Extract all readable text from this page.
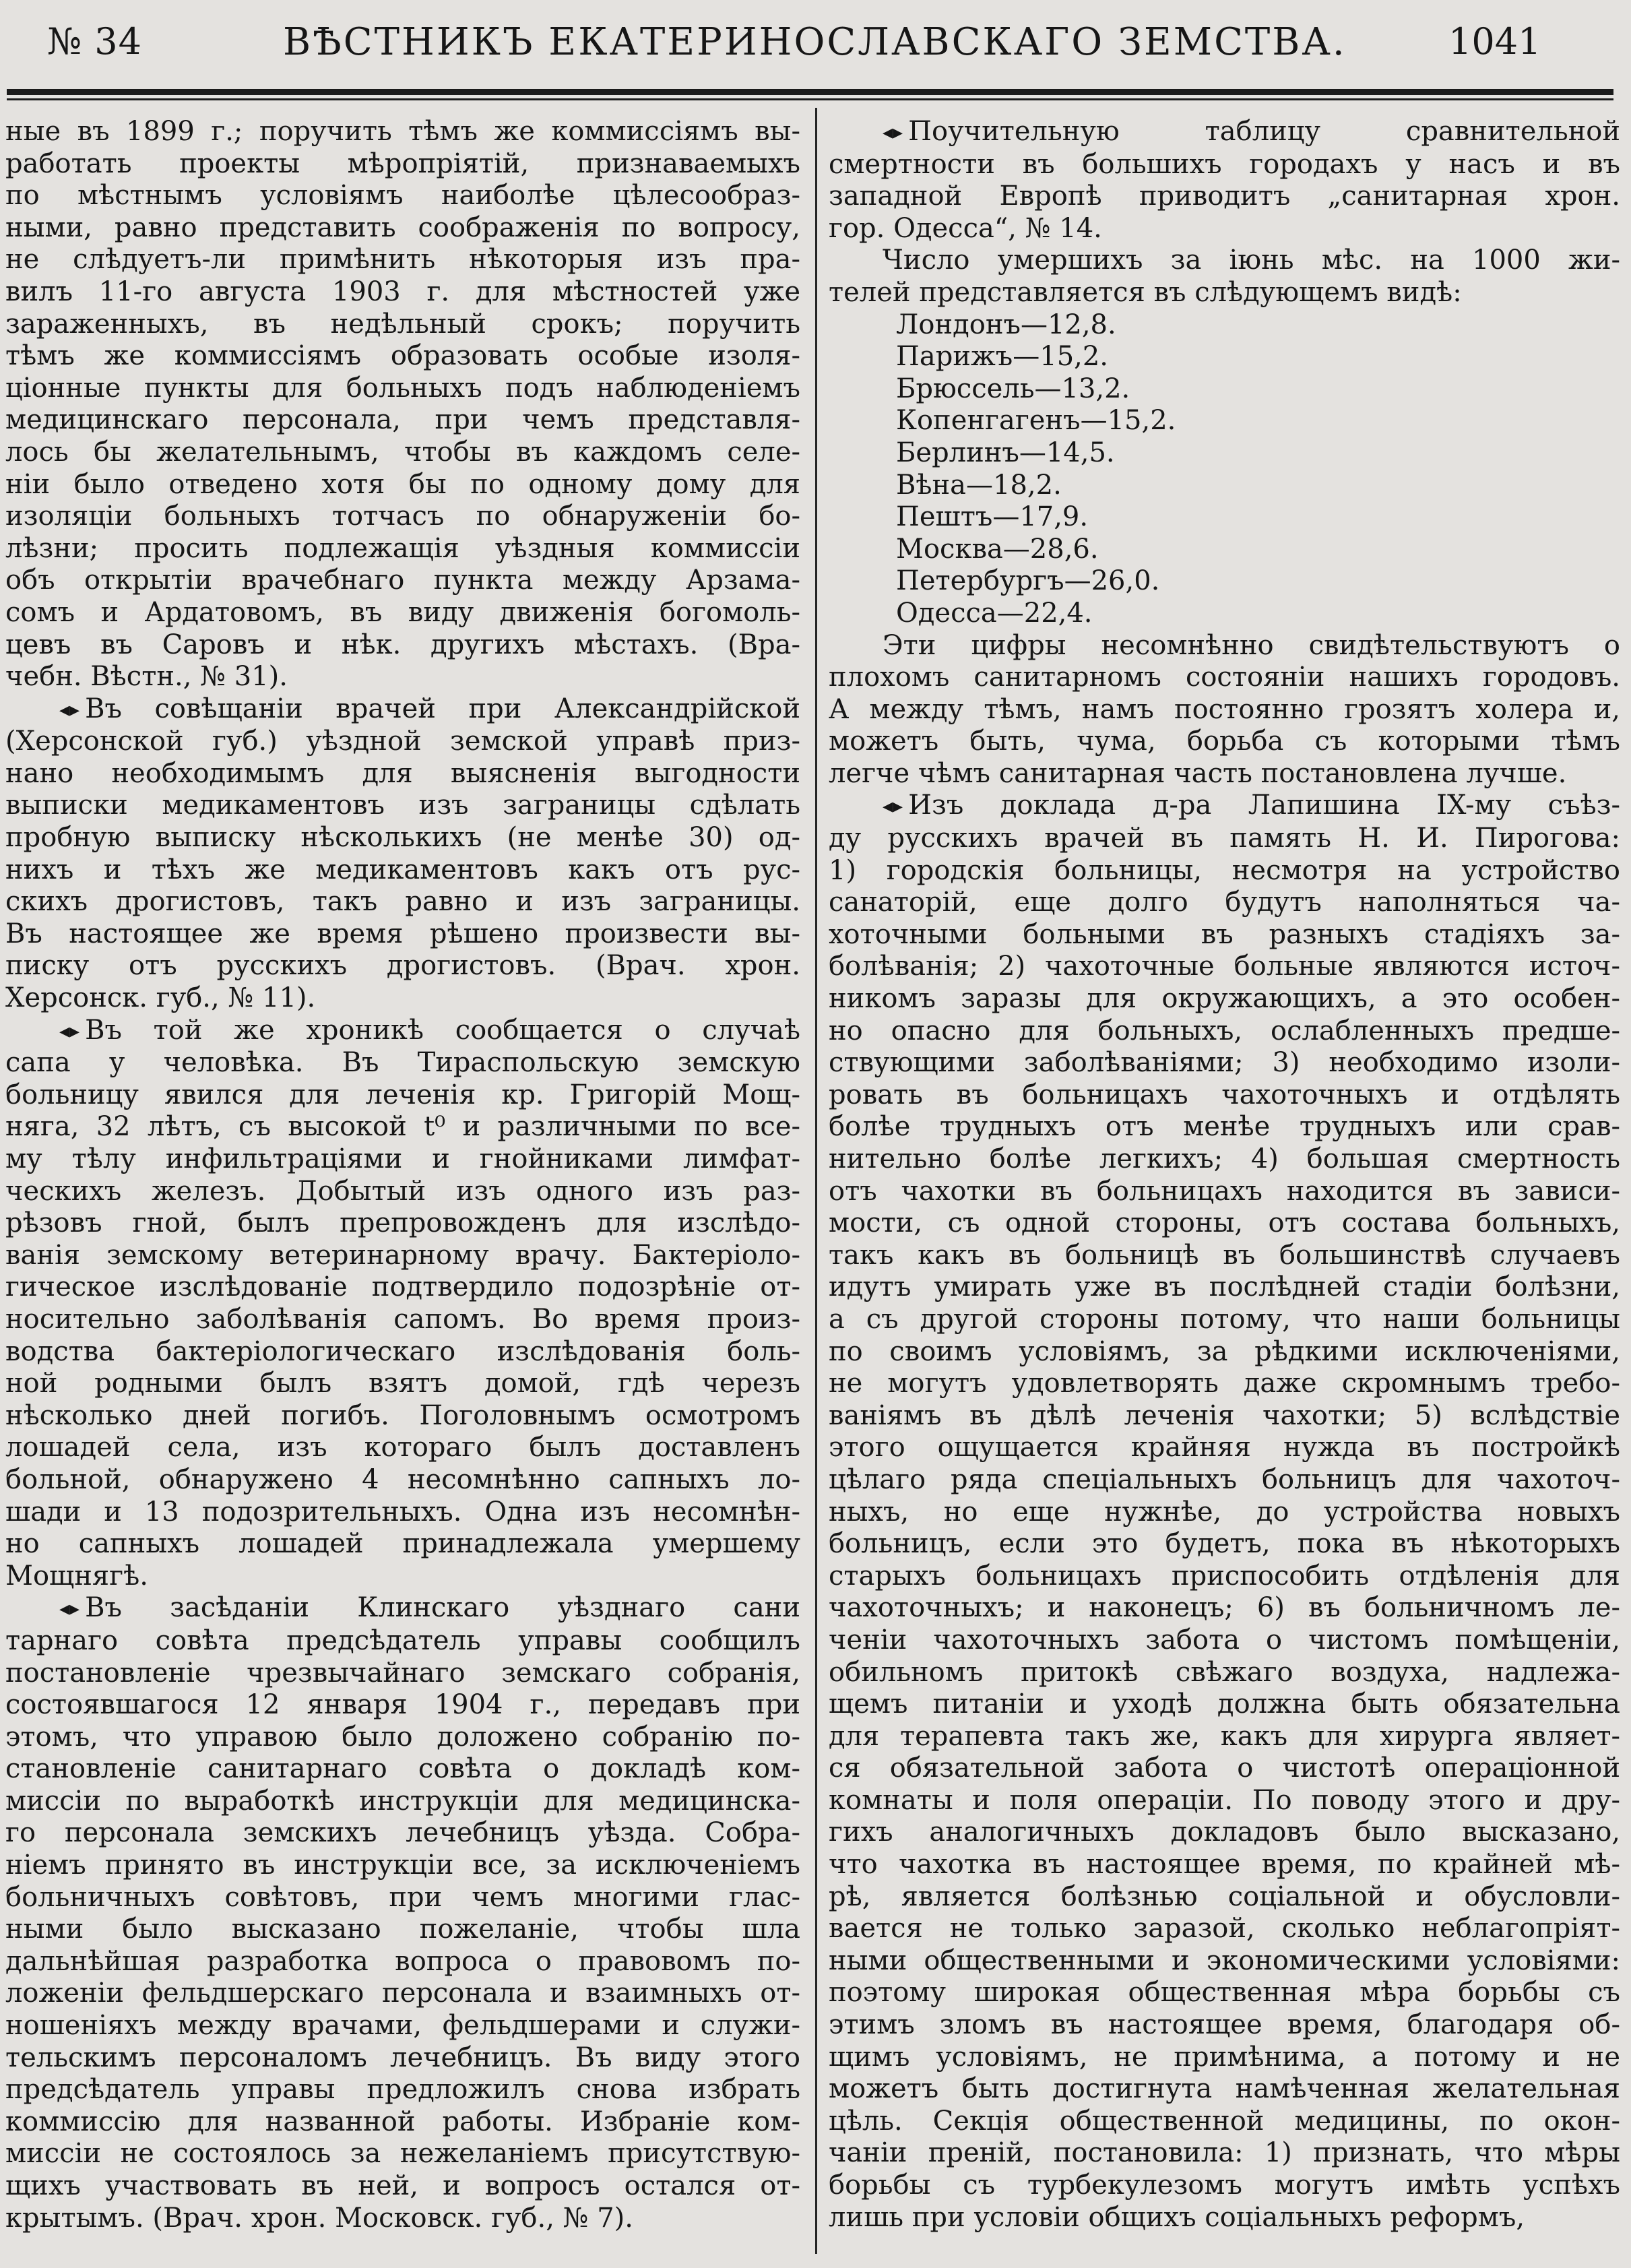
№ 34	ВѢСТНИКЪ ЕКАТЕРИНОСЛАВСКАГО ЗЕМСТВА.	1041

ные въ 1899 г.; поручить тѣмъ же коммиссіямъ вы-
работать проекты мѣропріятій, признаваемыхъ
по мѣстнымъ условіямъ наиболѣе цѣлесообраз-
ными, равно представить соображенія по вопросу,
не слѣдуетъ-ли примѣнить нѣкоторыя изъ пра-
вилъ 11-го августа 1903 г. для мѣстностей уже
зараженныхъ, въ недѣльный срокъ; поручить
тѣмъ же коммиссіямъ образовать особые изоля-
ціонные пункты для больныхъ подъ наблюденіемъ
медицинскаго персонала, при чемъ представля-
лось бы желательнымъ, чтобы въ каждомъ селе-
ніи было отведено хотя бы по одному дому для
изоляціи больныхъ тотчасъ по обнаруженіи бо-
лѣзни; просить подлежащія уѣздныя коммиссіи
объ открытіи врачебнаго пункта между Арзама-
сомъ и Ардатовомъ, въ виду движенія богомоль-
цевъ въ Саровъ и нѣк. другихъ мѣстахъ. (Вра-
чебн. Вѣстн., № 31).

◂▸ Въ совѣщаніи врачей при Александрійской
(Херсонской губ.) уѣздной земской управѣ приз-
нано необходимымъ для выясненія выгодности
выписки медикаментовъ изъ заграницы сдѣлать
пробную выписку нѣсколькихъ (не менѣе 30) од-
нихъ и тѣхъ же медикаментовъ какъ отъ рус-
скихъ дрогистовъ, такъ равно и изъ заграницы.
Въ настоящее же время рѣшено произвести вы-
писку отъ русскихъ дрогистовъ. (Врач. хрон.
Херсонск. губ., № 11).

◂▸ Въ той же хроникѣ сообщается о случаѣ
сапа у человѣка. Въ Тираспольскую земскую
больницу явился для леченія кр. Григорій Мощ-
няга, 32 лѣтъ, съ высокой t⁰ и различными по все-
му тѣлу инфильтраціями и гнойниками лимфат-
ческихъ железъ. Добытый изъ одного изъ раз-
рѣзовъ гной, былъ препровожденъ для изслѣдо-
ванія земскому ветеринарному врачу. Бактеріоло-
гическое изслѣдованіе подтвердило подозрѣніе от-
носительно заболѣванія сапомъ. Во время произ-
водства бактеріологическаго изслѣдованія боль-
ной родными былъ взятъ домой, гдѣ черезъ
нѣсколько дней погибъ. Поголовнымъ осмотромъ
лошадей села, изъ котораго былъ доставленъ
больной, обнаружено 4 несомнѣнно сапныхъ ло-
шади и 13 подозрительныхъ. Одна изъ несомнѣн-
но сапныхъ лошадей принадлежала умершему
Мощнягѣ.

◂▸ Въ засѣданіи Клинскаго уѣзднаго сани
тарнаго совѣта предсѣдатель управы сообщилъ
постановленіе чрезвычайнаго земскаго собранія,
состоявшагося 12 января 1904 г., передавъ при
этомъ, что управою было доложено собранію по-
становленіе санитарнаго совѣта о докладѣ ком-
миссіи по выработкѣ инструкціи для медицинска-
го персонала земскихъ лечебницъ уѣзда. Собра-
ніемъ принято въ инструкціи все, за исключеніемъ
больничныхъ совѣтовъ, при чемъ многими глас-
ными было высказано пожеланіе, чтобы шла
дальнѣйшая разработка вопроса о правовомъ по-
ложеніи фельдшерскаго персонала и взаимныхъ от-
ношеніяхъ между врачами, фельдшерами и служи-
тельскимъ персоналомъ лечебницъ. Въ виду этого
предсѣдатель управы предложилъ снова избрать
коммиссію для названной работы. Избраніе ком-
миссіи не состоялось за нежеланіемъ присутствую-
щихъ участвовать въ ней, и вопросъ остался от-
крытымъ. (Врач. хрон. Московск. губ., № 7).

◂▸ Поучительную таблицу сравнительной
смертности въ большихъ городахъ у насъ и въ
западной Европѣ приводитъ „санитарная хрон.
гор. Одесса“, № 14.
Число умершихъ за іюнь мѣс. на 1000 жи-
телей представляется въ слѣдующемъ видѣ:

Лондонъ—12,8.
Парижъ—15,2.
Брюссель—13,2.
Копенгагенъ—15,2.
Берлинъ—14,5.
Вѣна—18,2.
Пештъ—17,9.
Москва—28,6.
Петербургъ—26,0.
Одесса—22,4.

Эти цифры несомнѣнно свидѣтельствуютъ о
плохомъ санитарномъ состояніи нашихъ городовъ.
А между тѣмъ, намъ постоянно грозятъ холера и,
можетъ быть, чума, борьба съ которыми тѣмъ
легче чѣмъ санитарная часть постановлена лучше.

◂▸ Изъ доклада д-ра Лапишина IX-му съѣз-
ду русскихъ врачей въ память Н. И. Пирогова:
1) городскія больницы, несмотря на устройство
санаторій, еще долго будутъ наполняться ча-
хоточными больными въ разныхъ стадіяхъ за-
болѣванія; 2) чахоточные больные являются источ-
никомъ заразы для окружающихъ, а это особен-
но опасно для больныхъ, ослабленныхъ предше-
ствующими заболѣваніями; 3) необходимо изоли-
ровать въ больницахъ чахоточныхъ и отдѣлять
болѣе трудныхъ отъ менѣе трудныхъ или срав-
нительно болѣе легкихъ; 4) большая смертность
отъ чахотки въ больницахъ находится въ зависи-
мости, съ одной стороны, отъ состава больныхъ,
такъ какъ въ больницѣ въ большинствѣ случаевъ
идутъ умирать уже въ послѣдней стадіи болѣзни,
а съ другой стороны потому, что наши больницы
по своимъ условіямъ, за рѣдкими исключеніями,
не могутъ удовлетворять даже скромнымъ требо-
ваніямъ въ дѣлѣ леченія чахотки; 5) вслѣдствіе
этого ощущается крайняя нужда въ постройкѣ
цѣлаго ряда спеціальныхъ больницъ для чахоточ-
ныхъ, но еще нужнѣе, до устройства новыхъ
больницъ, если это будетъ, пока въ нѣкоторыхъ
старыхъ больницахъ приспособить отдѣленія для
чахоточныхъ; и наконецъ; 6) въ больничномъ ле-
ченіи чахоточныхъ забота о чистомъ помѣщеніи,
обильномъ притокѣ свѣжаго воздуха, надлежа-
щемъ питаніи и уходѣ должна быть обязательна
для терапевта такъ же, какъ для хирурга являет-
ся обязательной забота о чистотѣ операціонной
комнаты и поля операціи. По поводу этого и дру-
гихъ аналогичныхъ докладовъ было высказано,
что чахотка въ настоящее время, по крайней мѣ-
рѣ, является болѣзнью соціальной и обусловли-
вается не только заразой, сколько неблагопріят-
ными общественными и экономическими условіями:
поэтому широкая общественная мѣра борьбы съ
этимъ зломъ въ настоящее время, благодаря об-
щимъ условіямъ, не примѣнима, а потому и не
можетъ быть достигнута намѣченная желательная
цѣль. Секція общественной медицины, по окон-
чаніи преній, постановила: 1) признать, что мѣры
борьбы съ турбекулезомъ могутъ имѣть успѣхъ
лишь при условіи общихъ соціальныхъ реформъ,
